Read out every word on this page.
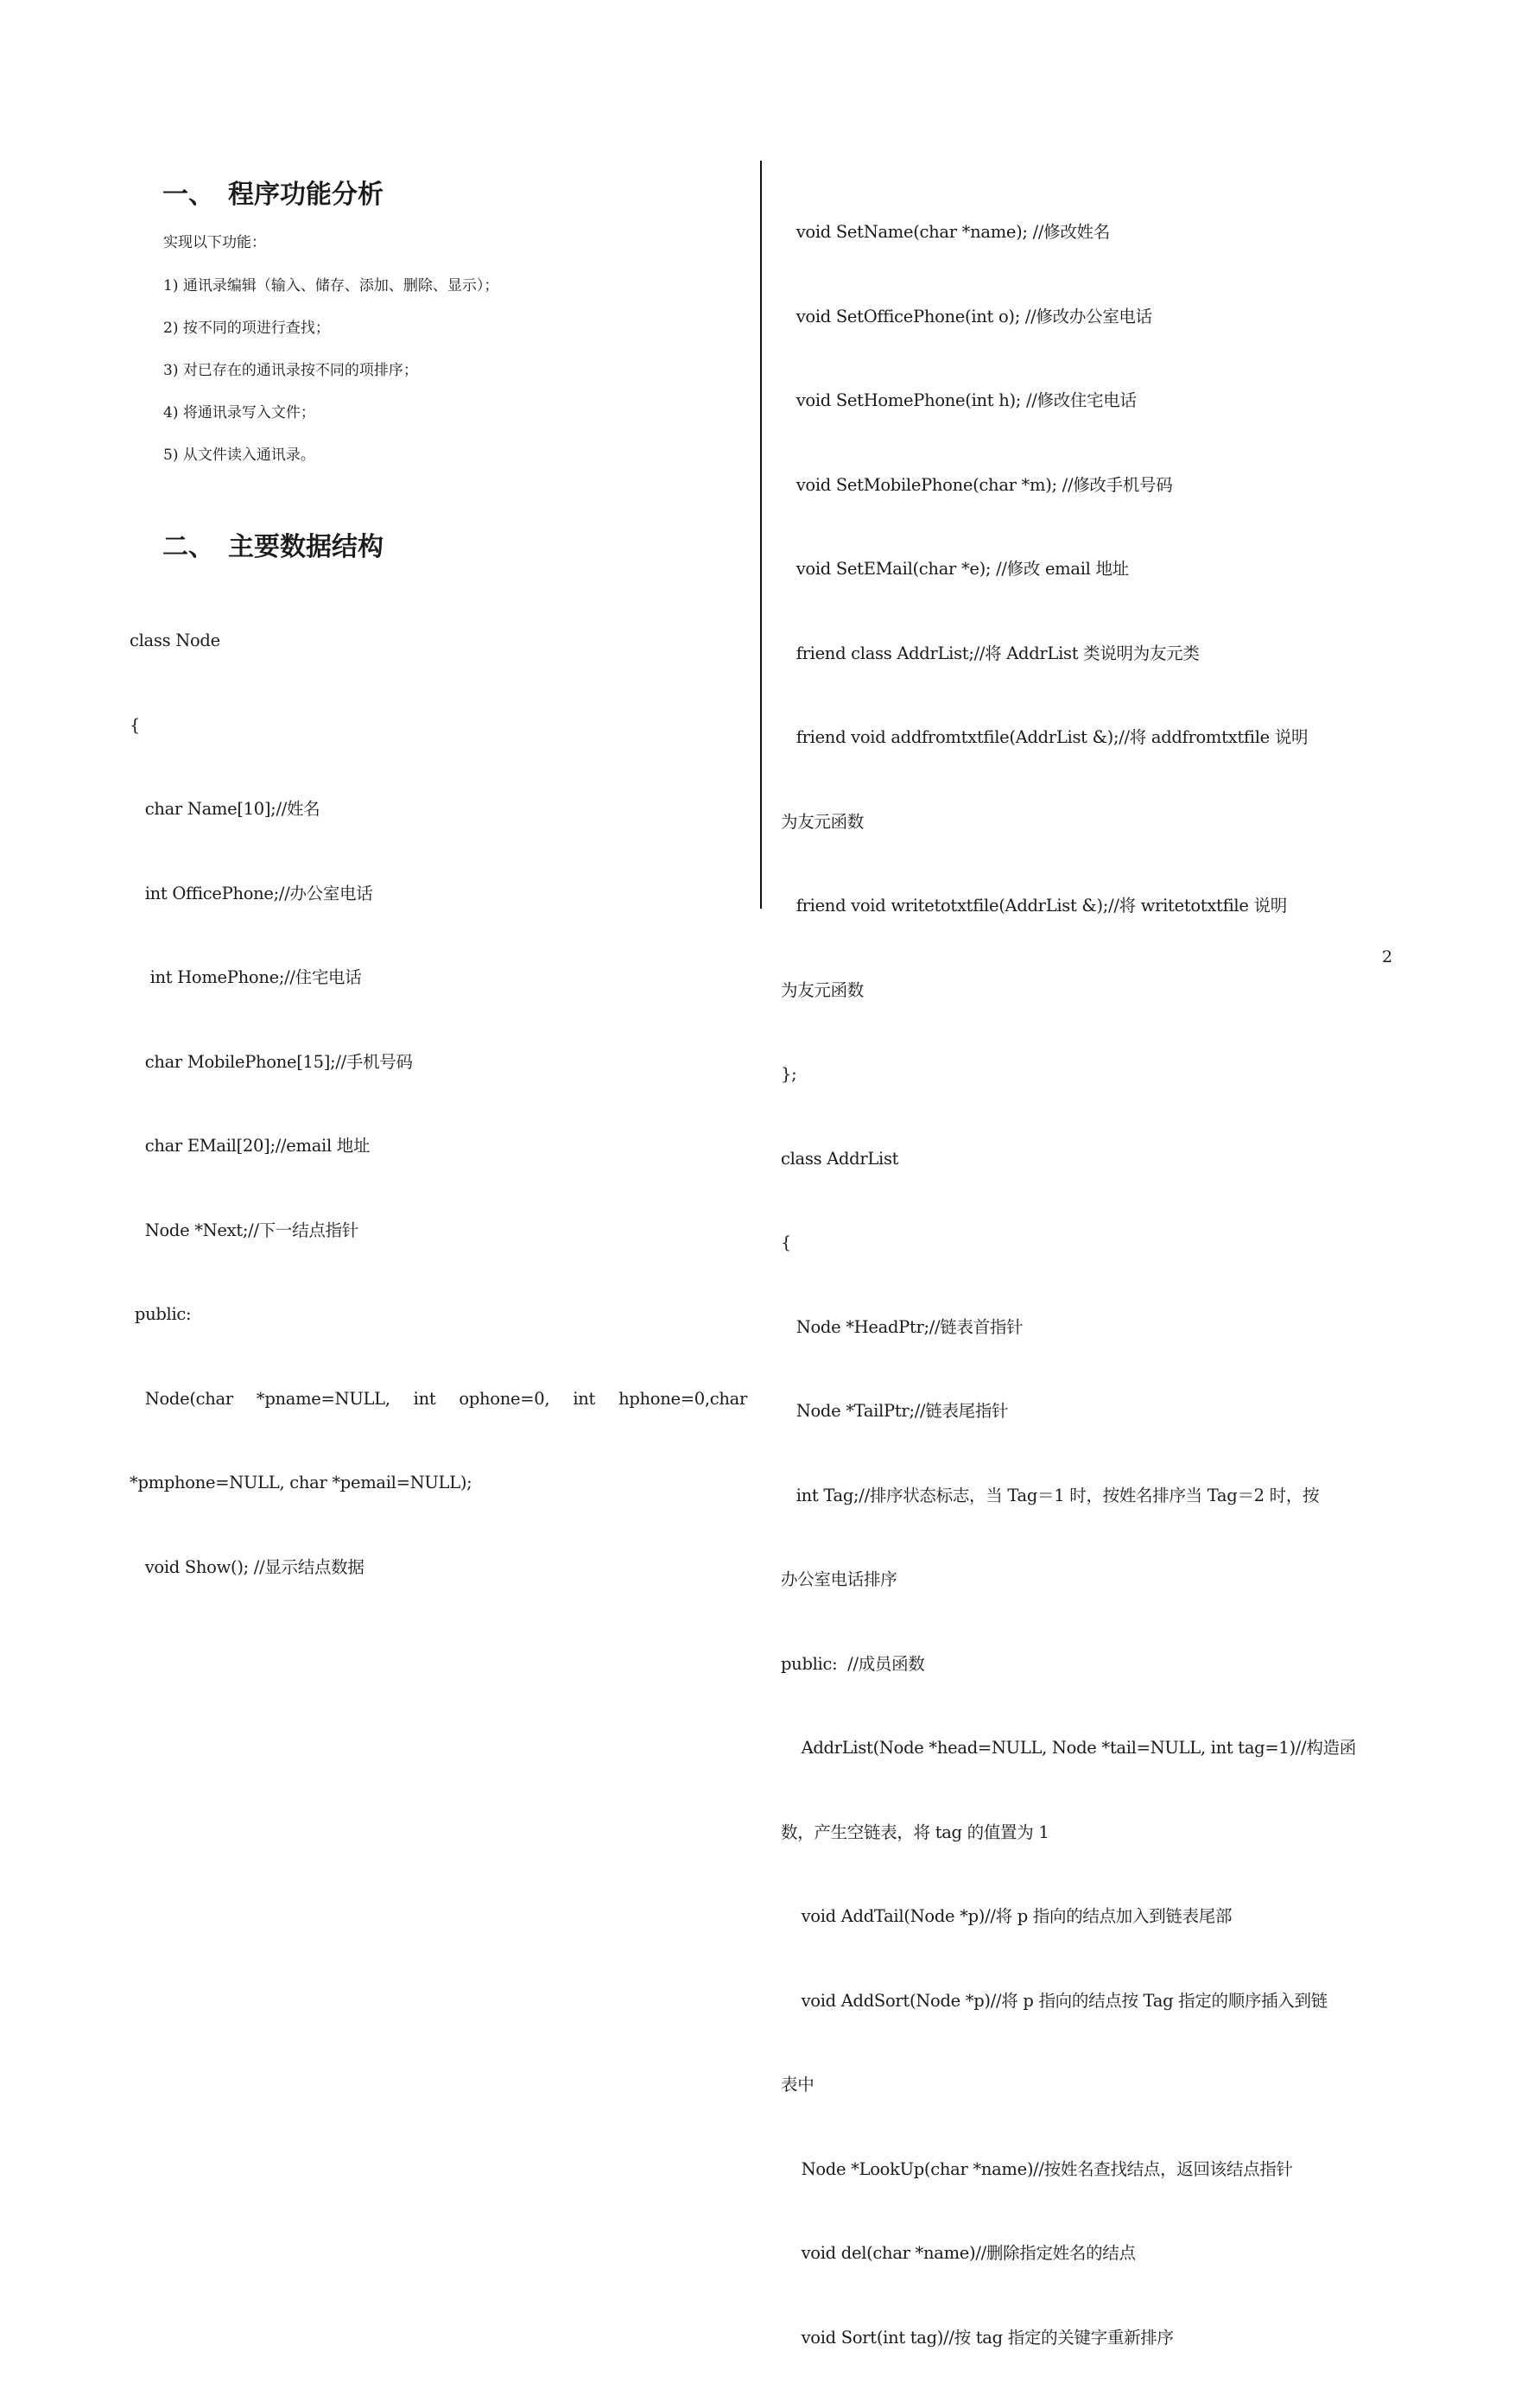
一、 程序功能分析
实现以下功能：
1) 通讯录编辑（输入、储存、添加、删除、显示）；
2) 按不同的项进行查找；
3) 对已存在的通讯录按不同的项排序；
4) 将通讯录写入文件；
5) 从文件读入通讯录。
二、 主要数据结构

class Node

{

char Name[10];//姓名

int OfficePhone;//办公室电话

int HomePhone;//住宅电话

char MobilePhone[15];//手机号码

char EMail[20];//email 地址

Node *Next;//下一结点指针

public:

Node(char *pname=NULL, int ophone=0, int hphone=0,char

*pmphone=NULL, char *pemail=NULL);

void Show(); //显示结点数据

void SetName(char *name); //修改姓名

void SetOfficePhone(int o); //修改办公室电话

void SetHomePhone(int h); //修改住宅电话

void SetMobilePhone(char *m); //修改手机号码

void SetEMail(char *e); //修改 email 地址

friend class AddrList;//将 AddrList 类说明为友元类

friend void addfromtxtfile(AddrList &);//将 addfromtxtfile 说明

为友元函数

friend void writetotxtfile(AddrList &);//将 writetotxtfile 说明

为友元函数

};

class AddrList

{

Node *HeadPtr;//链表首指针

Node *TailPtr;//链表尾指针

int Tag;//排序状态标志，当 Tag＝1 时，按姓名排序当 Tag＝2 时，按

办公室电话排序

public:  //成员函数

AddrList(Node *head=NULL, Node *tail=NULL, int tag=1)//构造函

数，产生空链表，将 tag 的值置为 1

void AddTail(Node *p)//将 p 指向的结点加入到链表尾部

void AddSort(Node *p)//将 p 指向的结点按 Tag 指定的顺序插入到链

表中

Node *LookUp(char *name)//按姓名查找结点，返回该结点指针

void del(char *name)//删除指定姓名的结点

void Sort(int tag)//按 tag 指定的关键字重新排序

2
